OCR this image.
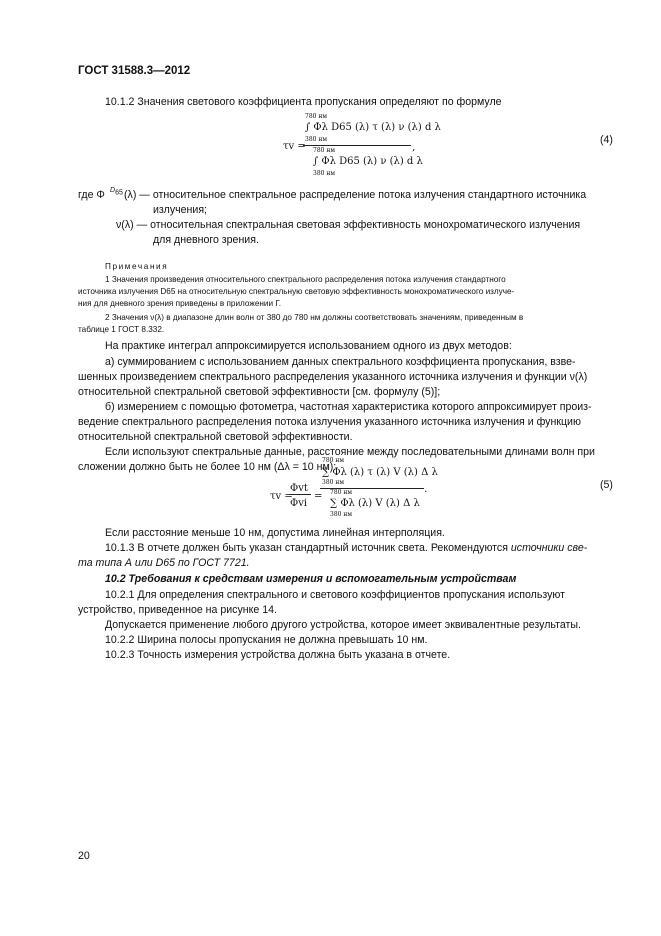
ГОСТ 31588.3—2012
10.1.2 Значения светового коэффициента пропускания определяют по формуле
τv =
780 нм
∫ Φλ D65 (λ) τ (λ) ν (λ) d λ
380 нм
,
780 нм
∫ Φλ D65 (λ) ν (λ) d λ
380 нм
(4)
где Φ $D_{65}$ (λ) — относительное спектральное распределение потока излучения стандартного источника
излучения;
ν(λ) — относительная спектральная световая эффективность монохроматического излучения
для дневного зрения.
Примечания
1 Значения произведения относительного спектрального распределения потока излучения стандартного
источника излучения D65 на относительную спектральную световую эффективность монохроматического излуче-
ния для дневного зрения приведены в приложении Г.
2 Значения ν(λ) в диапазоне длин волн от 380 до 780 нм должны соответствовать значениям, приведенным в
таблице 1 ГОСТ 8.332.
На практике интеграл аппроксимируется использованием одного из двух методов:
а) суммированием с использованием данных спектрального коэффициента пропускания, взве-
шенных произведением спектрального распределения указанного источника излучения и функции ν(λ)
относительной спектральной световой эффективности [см. формулу (5)];
б) измерением с помощью фотометра, частотная характеристика которого аппроксимирует произ-
ведение спектрального распределения потока излучения указанного источника излучения и функцию
относительной спектральной световой эффективности.
Если используют спектральные данные, расстояние между последовательными длинами волн при
сложении должно быть не более 10 нм (Δλ = 10 нм):
τv =
Φvt
Φvi
=
780 нм
∑ Φλ (λ) τ (λ) V (λ) Δ λ
380 нм
.
780 нм
∑ Φλ (λ) V (λ) Δ λ
380 нм
(5)
Если расстояние меньше 10 нм, допустима линейная интерполяция.
10.1.3 В отчете должен быть указан стандартный источник света. Рекомендуются источники све-
та типа А или D65 по ГОСТ 7721.
10.2 Требования к средствам измерения и вспомогательным устройствам
10.2.1 Для определения спектрального и светового коэффициентов пропускания используют
устройство, приведенное на рисунке 14.
Допускается применение любого другого устройства, которое имеет эквивалентные результаты.
10.2.2 Ширина полосы пропускания не должна превышать 10 нм.
10.2.3 Точность измерения устройства должна быть указана в отчете.
20
